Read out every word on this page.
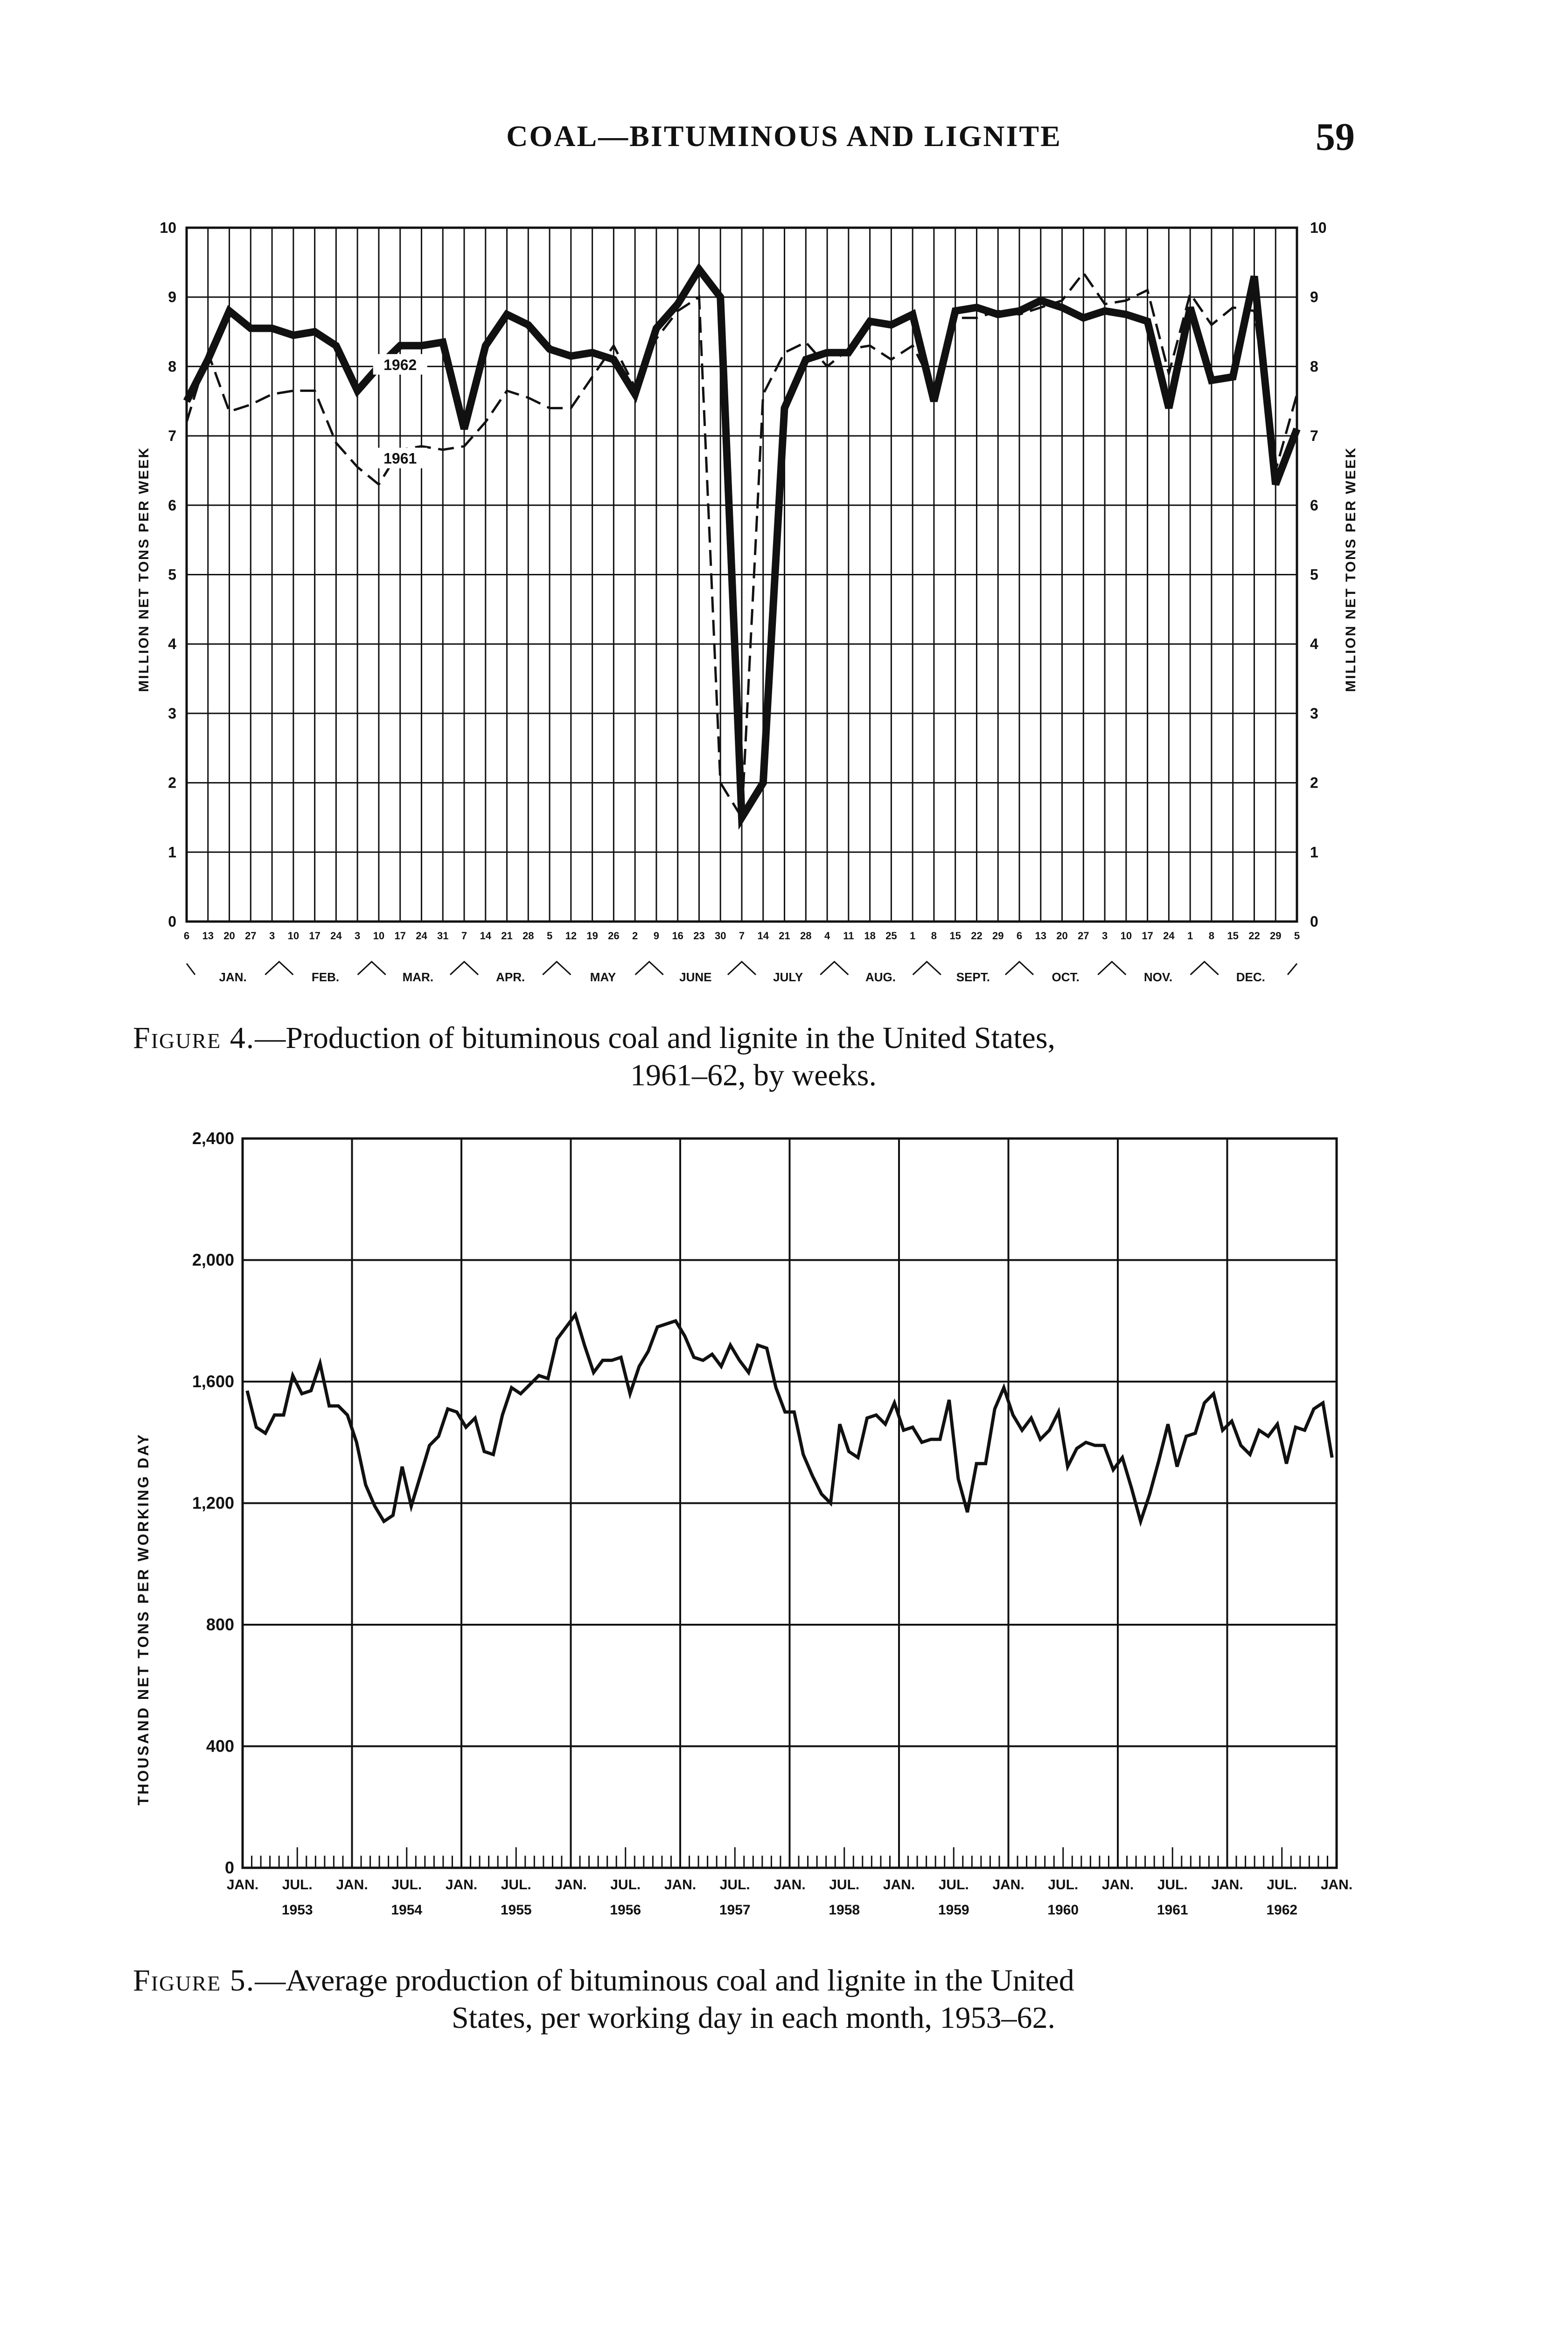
COAL—BITUMINOUS AND LIGNITE	59
0
1
2
3
4
5
6
7
8
9
10
0
1
2
3
4
5
6
7
8
9
10
6 13 20 27 3 10 17 24 3 10 17 24 31 7 14 21 28 5 12 19 26 2 9 16 23 30 7 14 21 28 4 11 18 25 1 8 15 22 29 6 13 20 27 3 10 17 24 1 8 15 22 29 5
JAN.	FEB.	MAR.	APR.	MAY	JUNE	JULY	AUG.	SEPT.	OCT.	NOV.	DEC.
1962
1961
MILLION NET TONS PER WEEK	MILLION NET TONS PER WEEK
Figure 4.—Production of bituminous coal and lignite in the United States,
1961–62, by weeks.
0
400
800
1,200
1,600
2,000
2,400
JAN. JUL. JAN. JUL. JAN. JUL. JAN. JUL. JAN. JUL. JAN. JUL. JAN. JUL. JAN. JUL. JAN. JUL. JAN. JUL. JAN.
1953	1954	1955	1956	1957	1958	1959	1960	1961	1962
THOUSAND NET TONS PER WORKING DAY
Figure 5.—Average production of bituminous coal and lignite in the United
States, per working day in each month, 1953–62.
